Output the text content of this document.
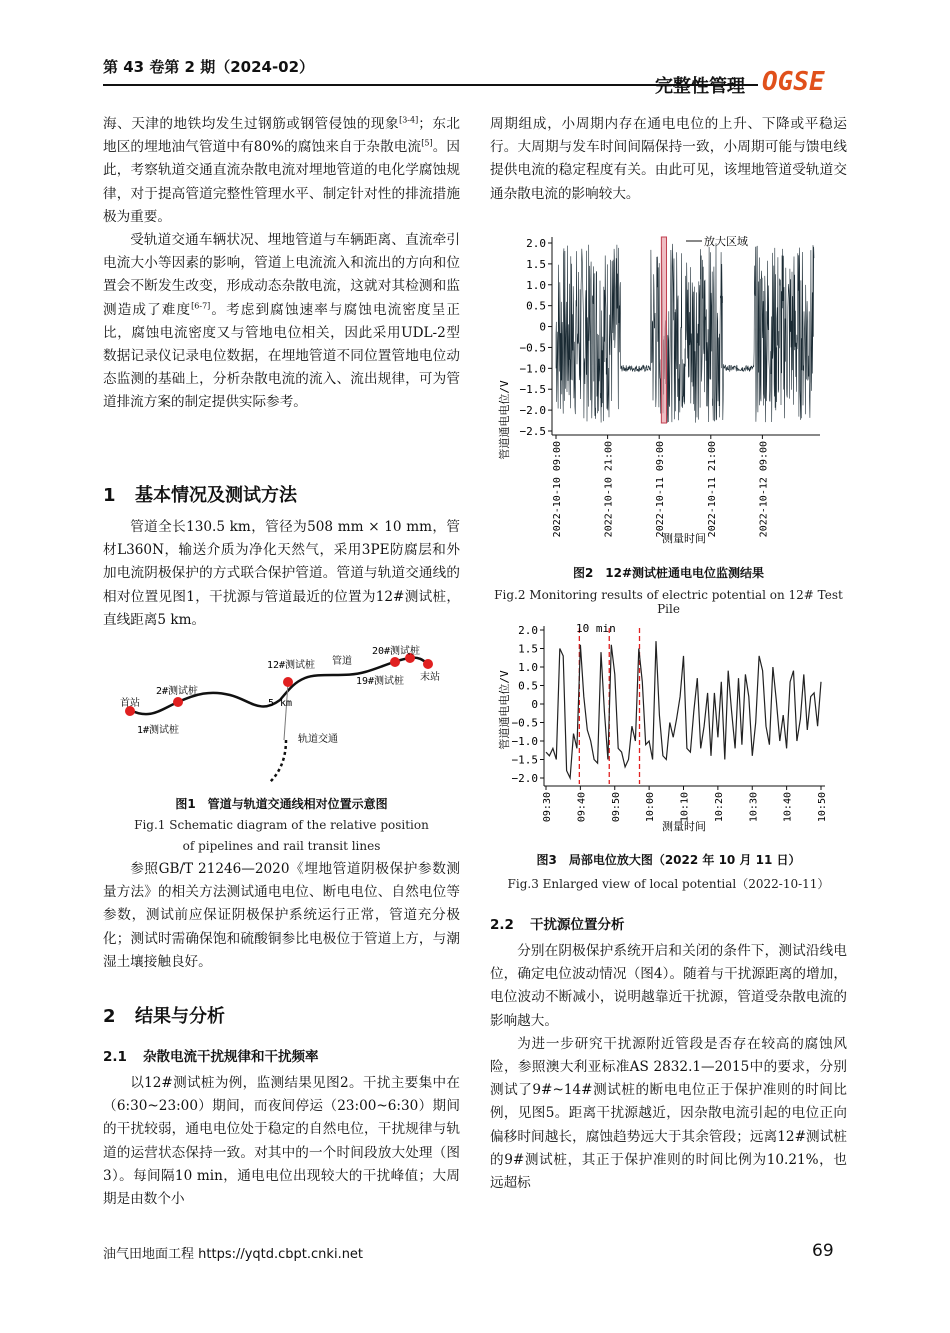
第 43 卷第 2 期（2024-02）
完整性管理 OGSE

海、天津的地铁均发生过钢筋或钢管侵蚀的现象[3-4]；东北地区的埋地油气管道中有80%的腐蚀来自于杂散电流[5]。因此，考察轨道交通直流杂散电流对埋地管道的电化学腐蚀规律，对于提高管道完整性管理水平、制定针对性的排流措施极为重要。

受轨道交通车辆状况、埋地管道与车辆距离、直流牵引电流大小等因素的影响，管道上电流流入和流出的方向和位置会不断发生改变，形成动态杂散电流，这就对其检测和监测造成了难度[6-7]。考虑到腐蚀速率与腐蚀电流密度呈正比，腐蚀电流密度又与管地电位相关，因此采用UDL-2型数据记录仪记录电位数据，在埋地管道不同位置管地电位动态监测的基础上，分析杂散电流的流入、流出规律，可为管道排流方案的制定提供实际参考。

1 基本情况及测试方法

管道全长130.5 km，管径为508 mm × 10 mm，管材L360N，输送介质为净化天然气，采用3PE防腐层和外加电流阴极保护的方式联合保护管道。管道与轨道交通线的相对位置见图1，干扰源与管道最近的位置为12#测试桩，直线距离5 km。

20#测试桩
12#测试桩 管道
19#测试桩 末站
首站
2#测试桩
5 km
1#测试桩
轨道交通
图1　管道与轨道交通线相对位置示意图
Fig.1 Schematic diagram of the relative position
of pipelines and rail transit lines

参照GB/T 21246—2020《埋地管道阴极保护参数测量方法》的相关方法测试通电电位、断电电位、自然电位等参数，测试前应保证阴极保护系统运行正常，管道充分极化；测试时需确保饱和硫酸铜参比电极位于管道上方，与潮湿土壤接触良好。

2 结果与分析
2.1 杂散电流干扰规律和干扰频率

以12#测试桩为例，监测结果见图2。干扰主要集中在（6:30~23:00）期间，而夜间停运（23:00~6:30）期间的干扰较弱，通电电位处于稳定的自然电位，干扰规律与轨道的运营状态保持一致。对其中的一个时间段放大处理（图3）。每间隔10 min，通电电位出现较大的干扰峰值；大周期是由数个小

周期组成，小周期内存在通电电位的上升、下降或平稳运行。大周期与发车时间间隔保持一致，小周期可能与馈电线提供电流的稳定程度有关。由此可见，该埋地管道受轨道交通杂散电流的影响较大。

管道通电电位/V
2.0
1.5
1.0
0.5
0
−0.5
−1.0
−1.5
−2.0
−2.5
2022-10-10 09:00	2022-10-10 21:00	2022-10-11 09:00	2022-10-11 21:00	2022-10-12 09:00
放大区域
测量时间
图2　12#测试桩通电电位监测结果
Fig.2 Monitoring results of electric potential on 12# Test Pile
管道通电电位/V
2.0
1.5
1.0
0.5
0
−0.5
−1.0
−1.5
−2.0
09:30 09:40 09:50 10:00 10:10 10:20 10:30 10:40 10:50
10 min
测量时间
图3　局部电位放大图（2022 年 10 月 11 日）
Fig.3 Enlarged view of local potential（2022-10-11）
2.2 干扰源位置分析

分别在阴极保护系统开启和关闭的条件下，测试沿线电位，确定电位波动情况（图4）。随着与干扰源距离的增加，电位波动不断减小，说明越靠近干扰源，管道受杂散电流的影响越大。

为进一步研究干扰源附近管段是否存在较高的腐蚀风险，参照澳大利亚标准AS 2832.1—2015中的要求，分别测试了9#~14#测试桩的断电电位正于保护准则的时间比例，见图5。距离干扰源越近，因杂散电流引起的电位正向偏移时间越长，腐蚀趋势远大于其余管段；远离12#测试桩的9#测试桩，其正于保护准则的时间比例为10.21%，也远超标

油气田地面工程 https://yqtd.cbpt.cnki.net	69
